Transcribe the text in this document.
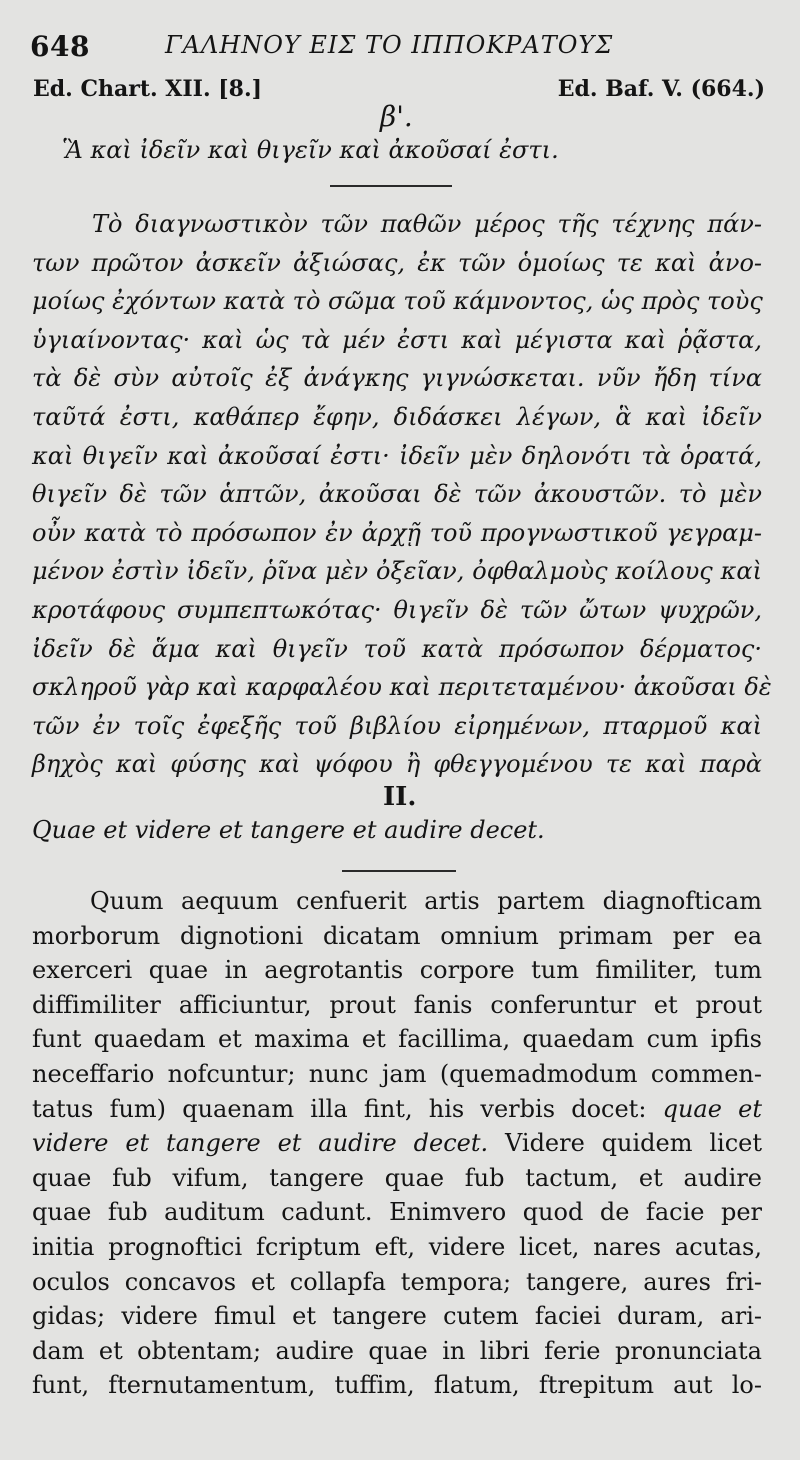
648	ΓΑΛΗΝΟΥ ΕΙΣ ΤΟ ΙΠΠΟΚΡΑΤΟΥΣ
Ed. Chart. XII. [8.]	Ed. Baf. V. (664.)
β'.
Ἃ καὶ ἰδεῖν καὶ θιγεῖν καὶ ἀκοῦσαί ἐστι.
Τὸ διαγνωστικὸν τῶν παθῶν μέρος τῆς τέχνης πάν-
των πρῶτον ἀσκεῖν ἀξιώσας, ἐκ τῶν ὁμοίως τε καὶ ἀνο-
μοίως ἐχόντων κατὰ τὸ σῶμα τοῦ κάμνοντος, ὡς πρὸς τοὺς
ὑγιαίνοντας· καὶ ὡς τὰ μέν ἐστι καὶ μέγιστα καὶ ῥᾷστα,
τὰ δὲ σὺν αὐτοῖς ἐξ ἀνάγκης γιγνώσκεται. νῦν ἤδη τίνα
ταῦτά ἐστι, καθάπερ ἔφην, διδάσκει λέγων, ἃ καὶ ἰδεῖν
καὶ θιγεῖν καὶ ἀκοῦσαί ἐστι· ἰδεῖν μὲν δηλονότι τὰ ὁρατά,
θιγεῖν δὲ τῶν ἁπτῶν, ἀκοῦσαι δὲ τῶν ἀκουστῶν. τὸ μὲν
οὖν κατὰ τὸ πρόσωπον ἐν ἀρχῇ τοῦ προγνωστικοῦ γεγραμ-
μένον ἐστὶν ἰδεῖν, ῥῖνα μὲν ὀξεῖαν, ὀφθαλμοὺς κοίλους καὶ
κροτάφους συμπεπτωκότας· θιγεῖν δὲ τῶν ὤτων ψυχρῶν,
ἰδεῖν δὲ ἅμα καὶ θιγεῖν τοῦ κατὰ πρόσωπον δέρματος·
σκληροῦ γὰρ καὶ καρφαλέου καὶ περιτεταμένου· ἀκοῦσαι δὲ
τῶν ἐν τοῖς ἐφεξῆς τοῦ βιβλίου εἰρημένων, πταρμοῦ καὶ
βηχὸς καὶ φύσης καὶ ψόφου ἢ φθεγγομένου τε καὶ παρὰ
II.
Quae et videre et tangere et audire decet.
Quum aequum cenfuerit artis partem diagnofticam
morborum dignotioni dicatam omnium primam per ea
exerceri quae in aegrotantis corpore tum fimiliter, tum
diffimiliter afficiuntur, prout fanis conferuntur et prout
funt quaedam et maxima et facillima, quaedam cum ipfis
neceffario nofcuntur; nunc jam (quemadmodum commen-
tatus fum) quaenam illa fint, his verbis docet: quae et
videre et tangere et audire decet. Videre quidem licet
quae fub vifum, tangere quae fub tactum, et audire
quae fub auditum cadunt. Enimvero quod de facie per
initia prognoftici fcriptum eft, videre licet, nares acutas,
oculos concavos et collapfa tempora; tangere, aures fri-
gidas; videre fimul et tangere cutem faciei duram, ari-
dam et obtentam; audire quae in libri ferie pronunciata
funt, fternutamentum, tuffim, flatum, ftrepitum aut lo-
